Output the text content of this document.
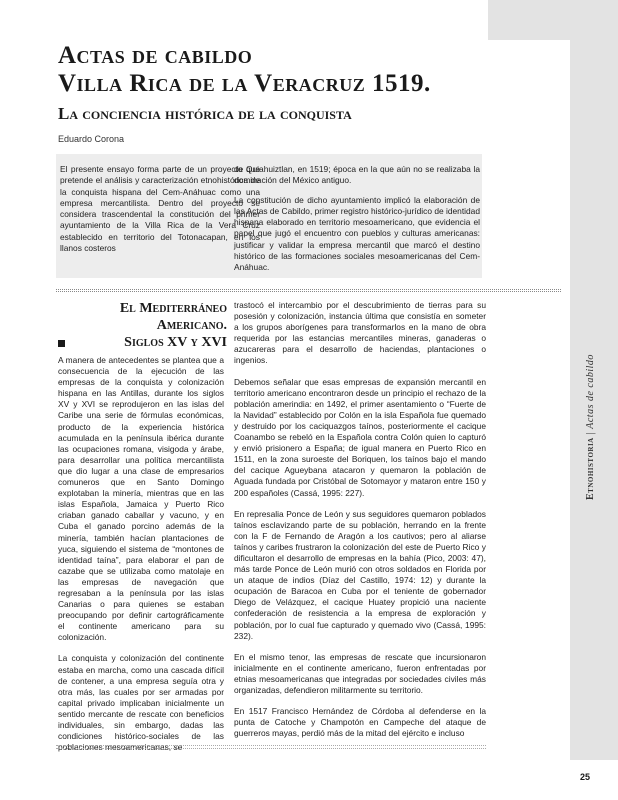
Etnohistoria | Actas de cabildo
25
Actas de cabildo
Villa Rica de la Veracruz 1519.
La conciencia histórica de la conquista
Eduardo Corona

El presente ensayo forma parte de un proyecto que pretende el análisis y caracterización etnohistórica de la conquista hispana del Cem-Anáhuac como una empresa mercantilista. Dentro del proyecto se considera trascendental la constitución del primer ayuntamiento de la Villa Rica de la Vera Cruz establecido en territorio del Totonacapan, en los llanos costeros

de Quiahuiztlan, en 1519; época en la que aún no se realizaba la dominación del México antiguo.

La constitución de dicho ayuntamiento implicó la elaboración de las Actas de Cabildo, primer registro histórico-jurídico de identidad hispana elaborado en territorio mesoamericano, que evidencia el papel que jugó el encuentro con pueblos y culturas americanas: justificar y validar la empresa mercantil que marcó el destino histórico de las formaciones sociales mesoamericanas del Cem-Anáhuac.

El Mediterráneo
Americano.
Siglos XV y XVI

A manera de antecedentes se plantea que a consecuencia de la ejecución de las empresas de la conquista y colonización hispana en las Antillas, durante los siglos XV y XVI se reprodujeron en las islas del Caribe una serie de fórmulas económicas, producto de la experiencia histórica acumulada en la península ibérica durante las ocupaciones romana, visigoda y árabe, para desarrollar una política mercantilista que dio lugar a una clase de empresarios comuneros que en Santo Domingo explotaban la minería, mientras que en las islas Española, Jamaica y Puerto Rico criaban ganado caballar y vacuno, y en Cuba el ganado porcino además de la minería, también hacían plantaciones de yuca, siguiendo el sistema de “montones de identidad taína”, para elaborar el pan de cazabe que se utilizaba como matolaje en las empresas de navegación que regresaban a la península por las islas Canarias o para quienes se estaban preocupando por definir cartográficamente el continente americano para su colonización.

La conquista y colonización del continente estaba en marcha, como una cascada difícil de contener, a una empresa seguía otra y otra más, las cuales por ser armadas por capital privado implicaban inicialmente un sentido mercante de rescate con beneficios individuales, sin embargo, dadas las condiciones histórico-sociales de las poblaciones mesoamericanas, se

trastocó el intercambio por el descubrimiento de tierras para su posesión y colonización, instancia última que consistía en someter a los grupos aborígenes para transformarlos en la mano de obra requerida por las estancias mercantiles mineras, ganaderas o azucareras para el desarrollo de haciendas, plantaciones o ingenios.

Debemos señalar que esas empresas de expansión mercantil en territorio americano encontraron desde un principio el rechazo de la población amerindia: en 1492, el primer asentamiento o “Fuerte de la Navidad” establecido por Colón en la isla Española fue quemado y destruido por los caciquazgos taínos, posteriormente el cacique Coanambo se rebeló en la Española contra Colón quien lo capturó y envió prisionero a España; de igual manera en Puerto Rico en 1511, en la zona suroeste del Boriquen, los taínos bajo el mando del cacique Agueybana atacaron y quemaron la población de Aguada fundada por Cristóbal de Sotomayor y mataron entre 150 y 200 españoles (Cassá, 1995: 227).

En represalia Ponce de León y sus seguidores quemaron poblados taínos esclavizando parte de su población, herrando en la frente con la F de Fernando de Aragón a los cautivos; pero al aliarse taínos y caribes frustraron la colonización del este de Puerto Rico y dificultaron el desarrollo de empresas en la bahía (Pico, 2003: 47), más tarde Ponce de León murió con otros soldados en Florida por un ataque de indios (Díaz del Castillo, 1974: 12) y durante la ocupación de Baracoa en Cuba por el teniente de gobernador Diego de Velázquez, el cacique Huatey propició una naciente confederación de resistencia a la empresa de exploración y población, por lo cual fue capturado y quemado vivo (Cassá, 1995: 232).

En el mismo tenor, las empresas de rescate que incursionaron inicialmente en el continente americano, fueron enfrentadas por etnias mesoamericanas que integradas por sociedades civiles más organizadas, defendieron militarmente su territorio.

En 1517 Francisco Hernández de Córdoba al defenderse en la punta de Catoche y Champotón en Campeche del ataque de guerreros mayas, perdió más de la mitad del ejército e incluso
